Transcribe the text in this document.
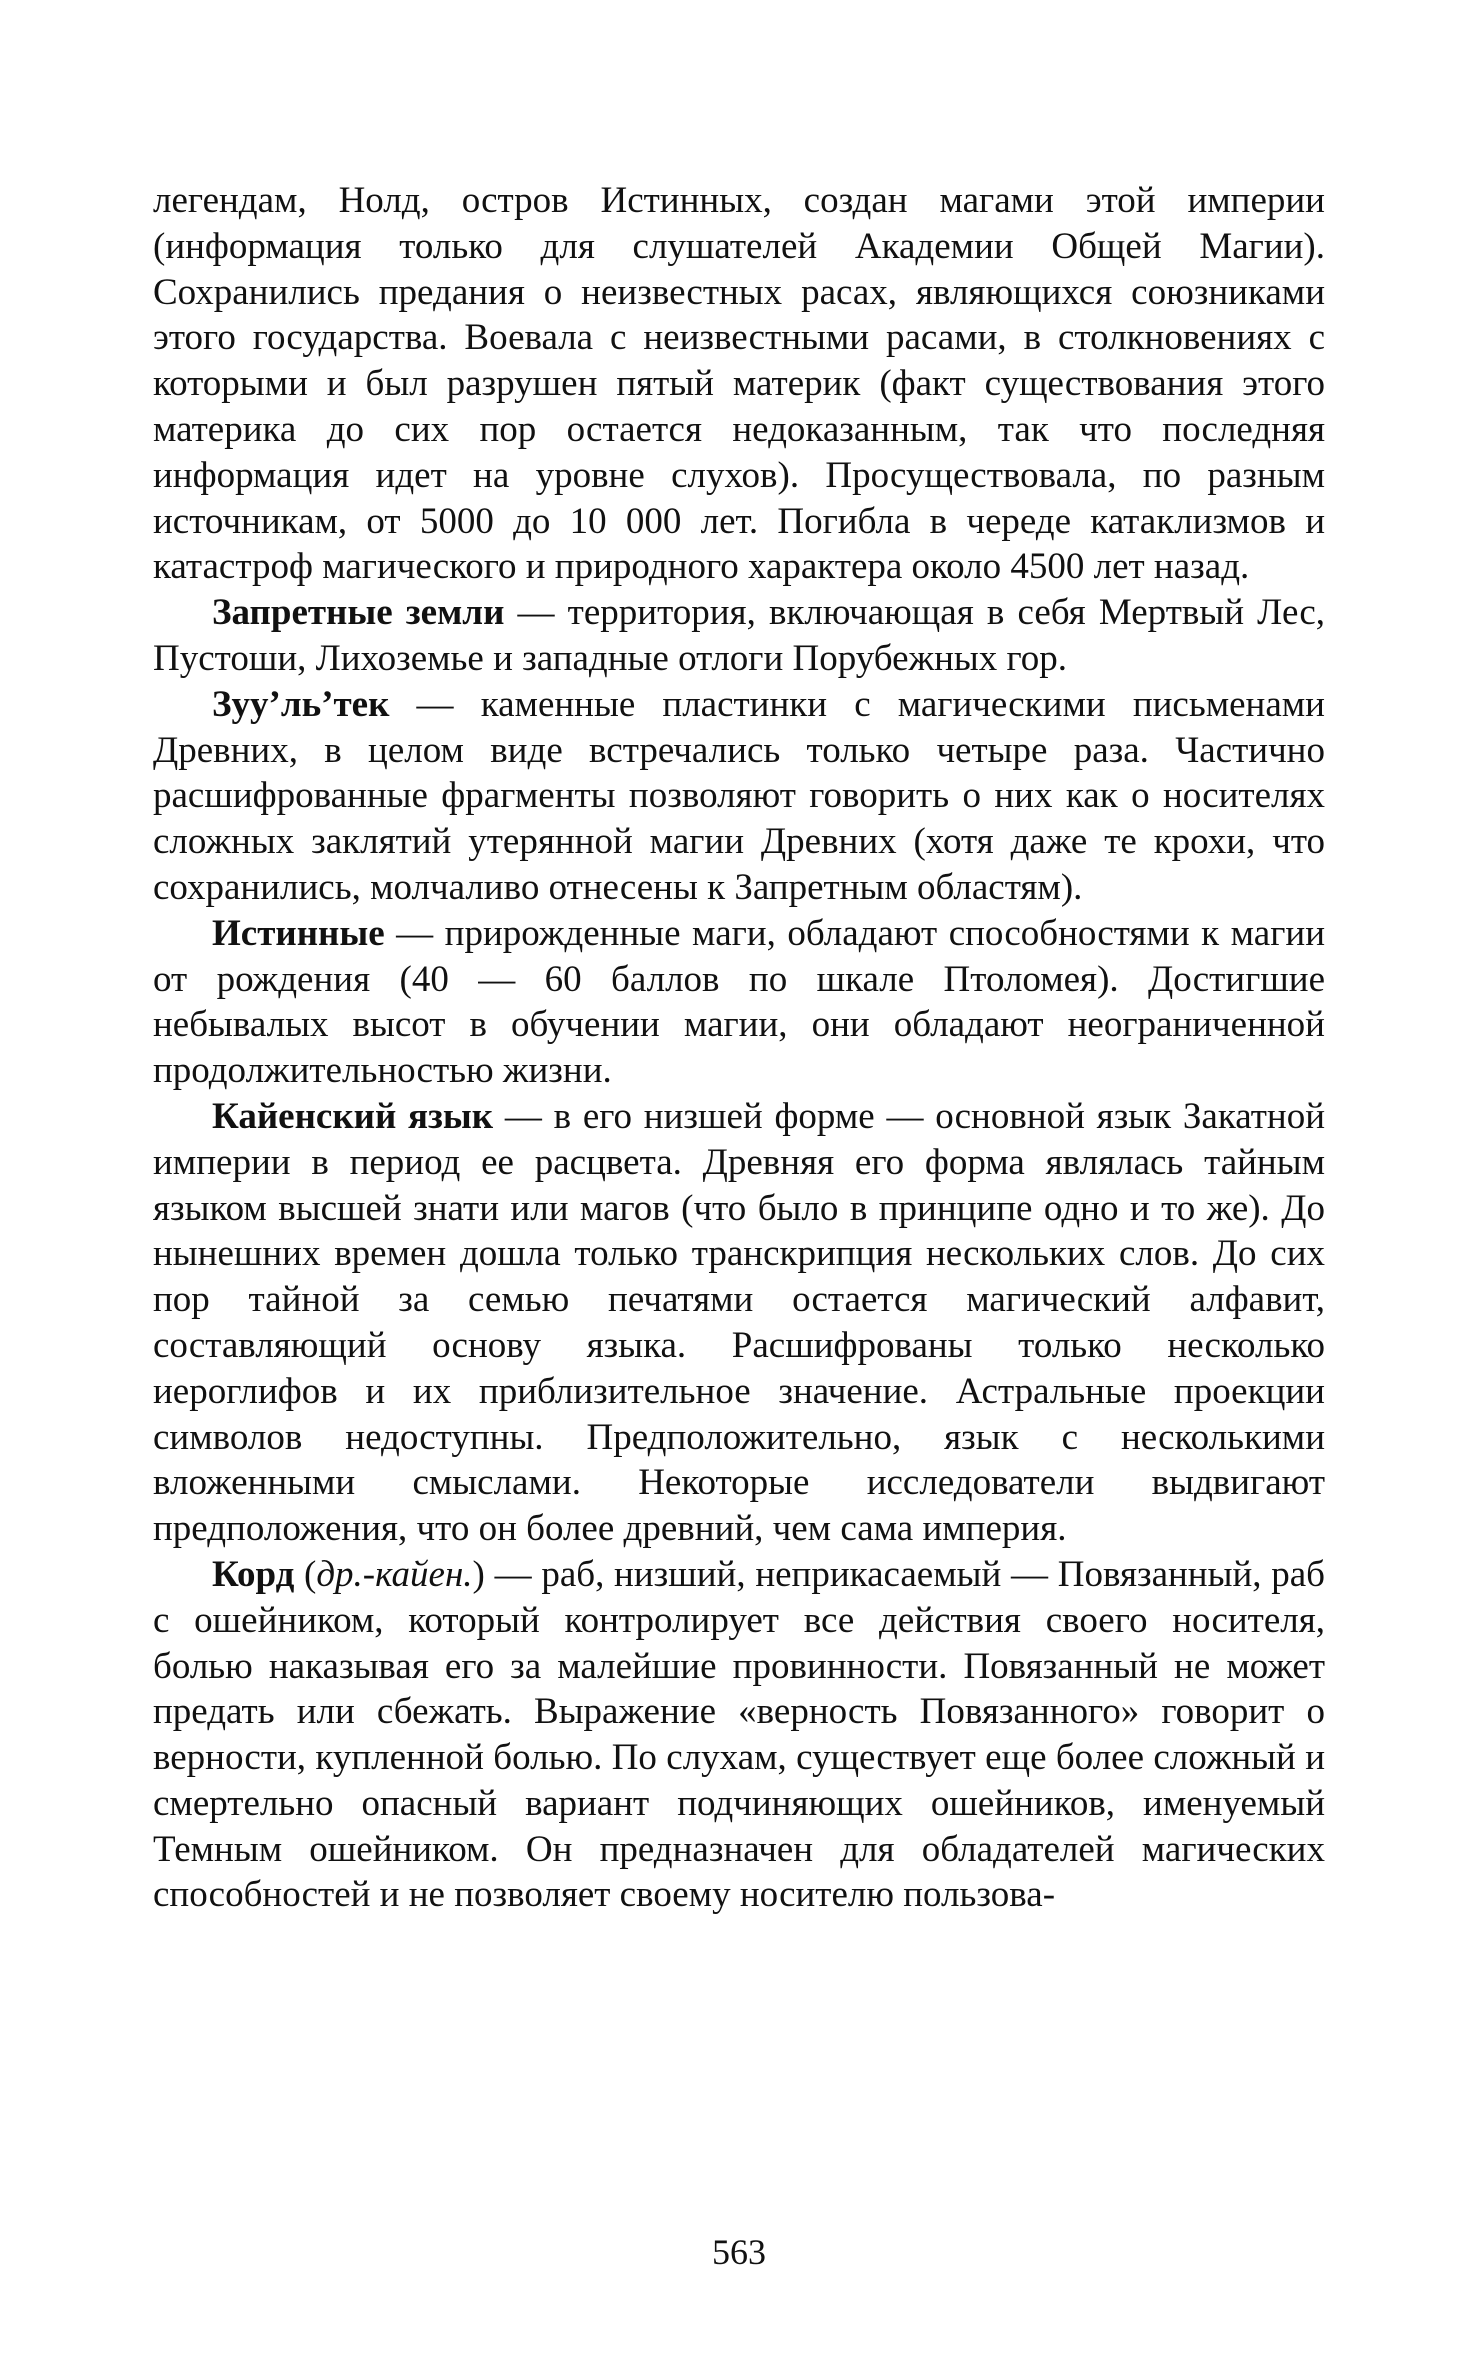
легендам, Нолд, остров Истинных, создан магами этой империи (информация только для слушателей Академии Общей Магии). Сохранились предания о неизвестных расах, являющихся союзниками этого государства. Воевала с неизвестными расами, в столкновениях с которыми и был разрушен пятый материк (факт существования этого материка до сих пор остается недоказанным, так что последняя информация идет на уровне слухов). Просуществовала, по разным источникам, от 5000 до 10 000 лет. Погибла в череде катаклизмов и катастроф магического и природного характера около 4500 лет назад.

Запретные земли — территория, включающая в себя Мертвый Лес, Пустоши, Лихоземье и западные отлоги Порубежных гор.

Зуу’ль’тек — каменные пластинки с магическими письменами Древних, в целом виде встречались только четыре раза. Частично расшифрованные фрагменты позволяют говорить о них как о носителях сложных заклятий утерянной магии Древних (хотя даже те крохи, что сохранились, молчаливо отнесены к Запретным областям).

Истинные — прирожденные маги, обладают способностями к магии от рождения (40 — 60 баллов по шкале Птоломея). Достигшие небывалых высот в обучении магии, они обладают неограниченной продолжительностью жизни.

Кайенский язык — в его низшей форме — основной язык Закатной империи в период ее расцвета. Древняя его форма являлась тайным языком высшей знати или магов (что было в принципе одно и то же). До нынешних времен дошла только транскрипция нескольких слов. До сих пор тайной за семью печатями остается магический алфавит, составляющий основу языка. Расшифрованы только несколько иероглифов и их приблизительное значение. Астральные проекции символов недоступны. Предположительно, язык с несколькими вложенными смыслами. Некоторые исследователи выдвигают предположения, что он более древний, чем сама империя.

Корд (др.-кайен.) — раб, низший, неприкасаемый — Повязанный, раб с ошейником, который контролирует все действия своего носителя, болью наказывая его за малейшие провинности. Повязанный не может предать или сбежать. Выражение «верность Повязанного» говорит о верности, купленной болью. По слухам, существует еще более сложный и смертельно опасный вариант подчиняющих ошейников, именуемый Темным ошейником. Он предназначен для обладателей магических способностей и не позволяет своему носителю пользова-

563
